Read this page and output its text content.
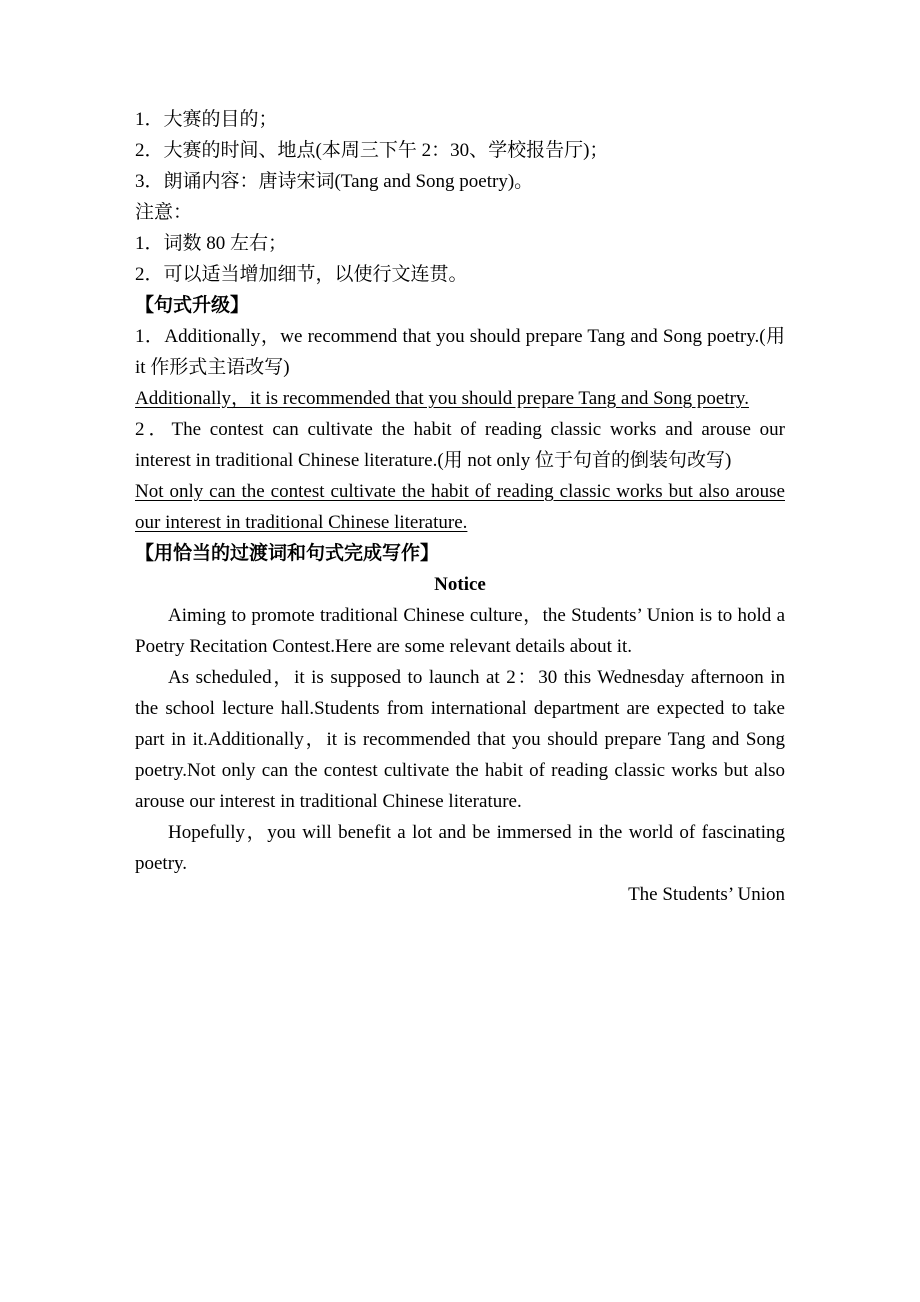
1．大赛的目的；

2．大赛的时间、地点(本周三下午 2：30、学校报告厅)；

3．朗诵内容：唐诗宋词(Tang and Song poetry)。

注意：

1．词数 80 左右；

2．可以适当增加细节，以使行文连贯。

【句式升级】

1．Additionally，we recommend that you should prepare Tang and Song poetry.(用 it 作形式主语改写)

Additionally，it is recommended that you should prepare Tang and Song poetry.

2．The contest can cultivate the habit of reading classic works and arouse our interest in traditional Chinese literature.(用 not only 位于句首的倒装句改写)

Not only can the contest cultivate the habit of reading classic works but also arouse our interest in traditional Chinese literature.

【用恰当的过渡词和句式完成写作】

Notice

Aiming to promote traditional Chinese culture，the Students’ Union is to hold a Poetry Recitation Contest.Here are some relevant details about it.

As scheduled，it is supposed to launch at 2：30 this Wednesday afternoon in the school lecture hall.Students from international department are expected to take part in it.Additionally，it is recommended that you should prepare Tang and Song poetry.Not only can the contest cultivate the habit of reading classic works but also arouse our interest in traditional Chinese literature.

Hopefully，you will benefit a lot and be immersed in the world of fascinating poetry.

The Students’ Union
